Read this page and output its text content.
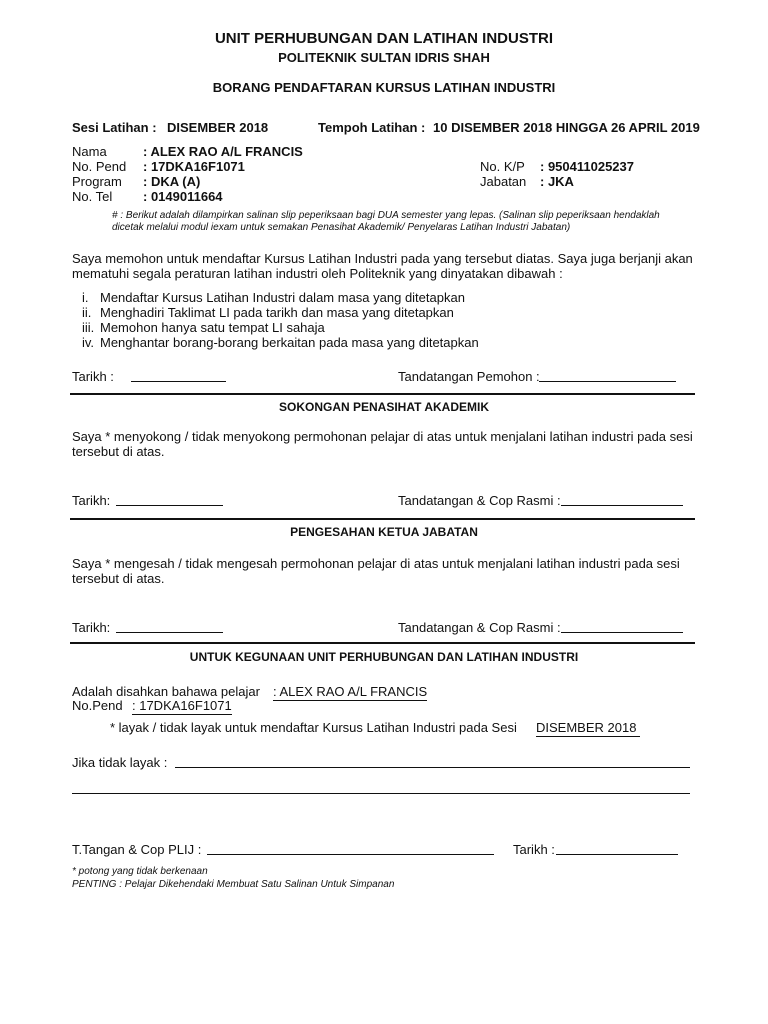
UNIT PERHUBUNGAN DAN LATIHAN INDUSTRI
POLITEKNIK SULTAN IDRIS SHAH
BORANG PENDAFTARAN KURSUS LATIHAN INDUSTRI
Sesi Latihan : DISEMBER 2018	Tempoh Latihan : 10 DISEMBER 2018 HINGGA 26 APRIL 2019
Nama	: ALEX RAO A/L FRANCIS
No. Pend : 17DKA16F1071
Program : DKA (A)
No. Tel : 0149011664
No. K/P : 950411025237
Jabatan : JKA
# : Berikut adalah dilampirkan salinan slip peperiksaan bagi DUA semester yang lepas. (Salinan slip peperiksaan hendaklah
dicetak melalui modul iexam untuk semakan Penasihat Akademik/ Penyelaras Latihan Industri Jabatan)
Saya memohon untuk mendaftar Kursus Latihan Industri pada yang tersebut diatas. Saya juga berjanji akan
mematuhi segala peraturan latihan industri oleh Politeknik yang dinyatakan dibawah :
i. Mendaftar Kursus Latihan Industri dalam masa yang ditetapkan
ii. Menghadiri Taklimat LI pada tarikh dan masa yang ditetapkan
iii. Memohon hanya satu tempat LI sahaja
iv. Menghantar borang-borang berkaitan pada masa yang ditetapkan
Tarikh :	Tandatangan Pemohon :
SOKONGAN PENASIHAT AKADEMIK
Saya * menyokong / tidak menyokong permohonan pelajar di atas untuk menjalani latihan industri pada sesi
tersebut di atas.
Tarikh:	Tandatangan & Cop Rasmi :
PENGESAHAN KETUA JABATAN
Saya * mengesah / tidak mengesah permohonan pelajar di atas untuk menjalani latihan industri pada sesi
tersebut di atas.
Tarikh:	Tandatangan & Cop Rasmi :
UNTUK KEGUNAAN UNIT PERHUBUNGAN DAN LATIHAN INDUSTRI
Adalah disahkan bahawa pelajar : ALEX RAO A/L FRANCIS
No.Pend : 17DKA16F1071
* layak / tidak layak untuk mendaftar Kursus Latihan Industri pada Sesi DISEMBER 2018
Jika tidak layak :
T.Tangan & Cop PLIJ :	Tarikh :
* potong yang tidak berkenaan
PENTING : Pelajar Dikehendaki Membuat Satu Salinan Untuk Simpanan
